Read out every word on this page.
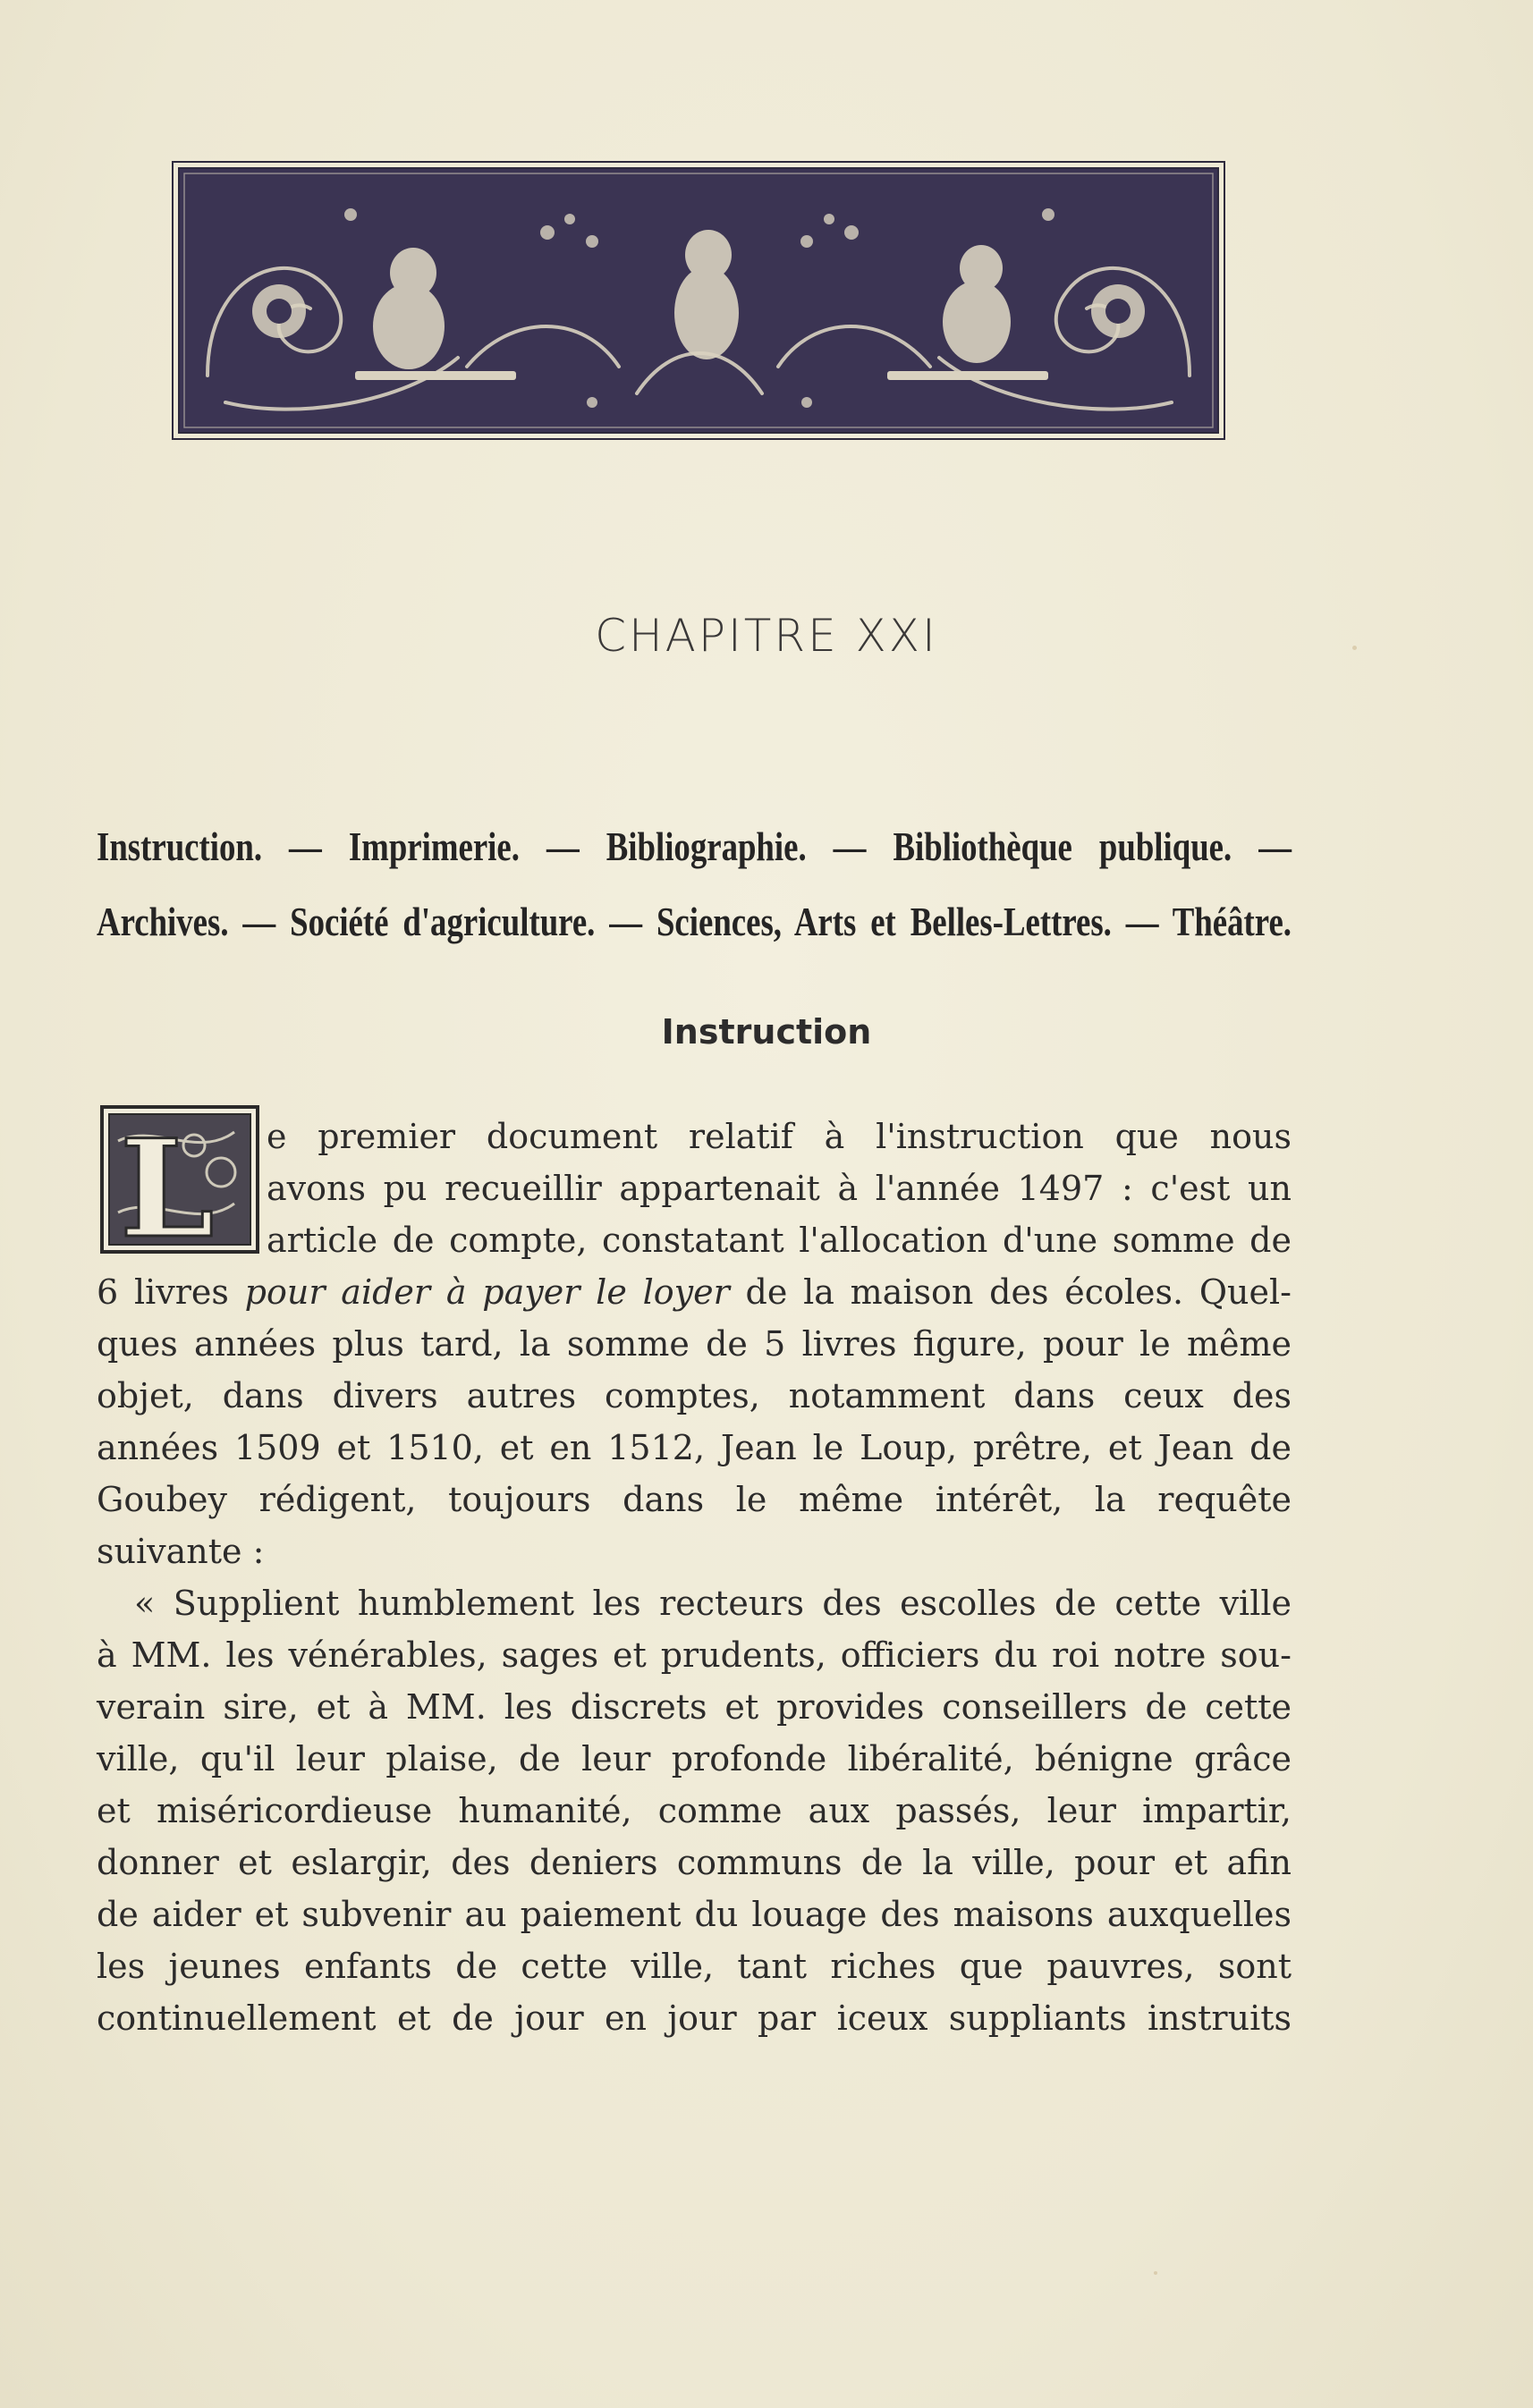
CHAPITRE XXI
Instruction. — Imprimerie. — Bibliographie. — Bibliothèque publique. —
Archives. — Société d'agriculture. — Sciences, Arts et Belles-Lettres. — Théâtre.
Instruction
L e premier document relatif à l'instruction que nous
avons pu recueillir appartenait à l'année 1497 : c'est un
article de compte, constatant l'allocation d'une somme de
6 livres pour aider à payer le loyer de la maison des écoles. Quel-
ques années plus tard, la somme de 5 livres figure, pour le même
objet, dans divers autres comptes, notamment dans ceux des
années 1509 et 1510, et en 1512, Jean le Loup, prêtre, et Jean de
Goubey rédigent, toujours dans le même intérêt, la requête
suivante :
« Supplient humblement les recteurs des escolles de cette ville
à MM. les vénérables, sages et prudents, officiers du roi notre sou-
verain sire, et à MM. les discrets et provides conseillers de cette
ville, qu'il leur plaise, de leur profonde libéralité, bénigne grâce
et miséricordieuse humanité, comme aux passés, leur impartir,
donner et eslargir, des deniers communs de la ville, pour et afin
de aider et subvenir au paiement du louage des maisons auxquelles
les jeunes enfants de cette ville, tant riches que pauvres, sont
continuellement et de jour en jour par iceux suppliants instruits
